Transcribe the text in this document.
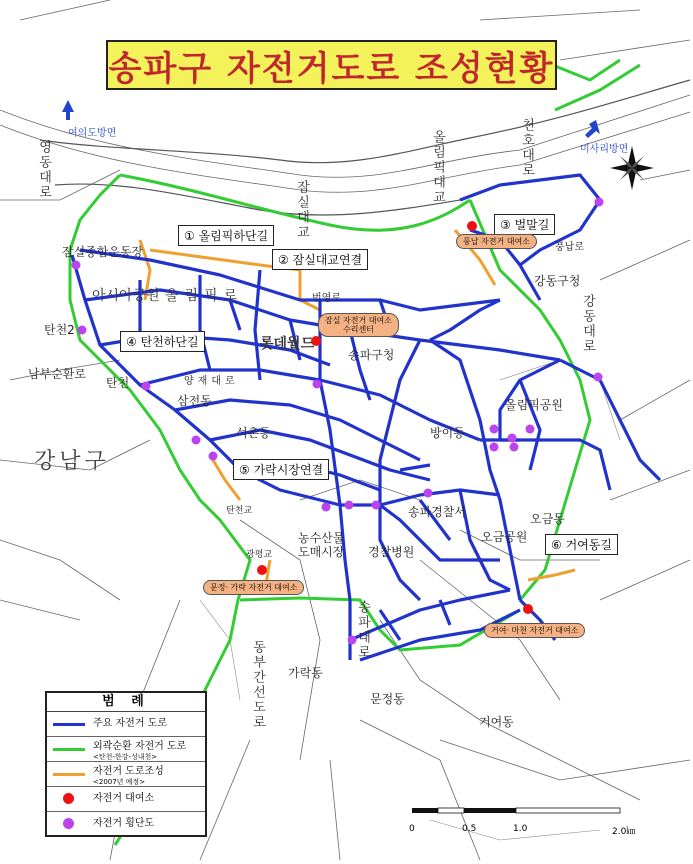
송파구 자전거도로 조성현황
여의도방면
미사리방면
① 올림픽하단길
② 잠실대교연결
③ 벌말길
④ 탄천하단길
⑤ 가락시장연결
⑥ 거여동길
풍납 자전거 대여소
잠실 자전거 대여소
수리센터
문정· 가락 자전거 대여소
거여· 마천 자전거 대여소
잠실종합운동장
올림픽로
아시아공원
탄천2
롯데월드
송파구청
강동구청
올림픽공원
삼전동
석촌동	방이동
송파경찰서
오금공원
오금동
탄천교
광평교
농수산물
도매시장 경찰병원
가락동
문정동
거여동
강남구
남부순환로
탄천
영동대로
잠실대교
올림픽대교	천호대로
강동대로
송파대로
동부간선도로
번영로
양재대로
풍납로
범 례
주요 자전거 도로
외곽순환 자전거 도로
<탄천-한강-성내천>
자전거 도로조성
<2007년 예정>
자전거 대여소
자전거 횡단도	0	0.5	1.0	2.0㎞
